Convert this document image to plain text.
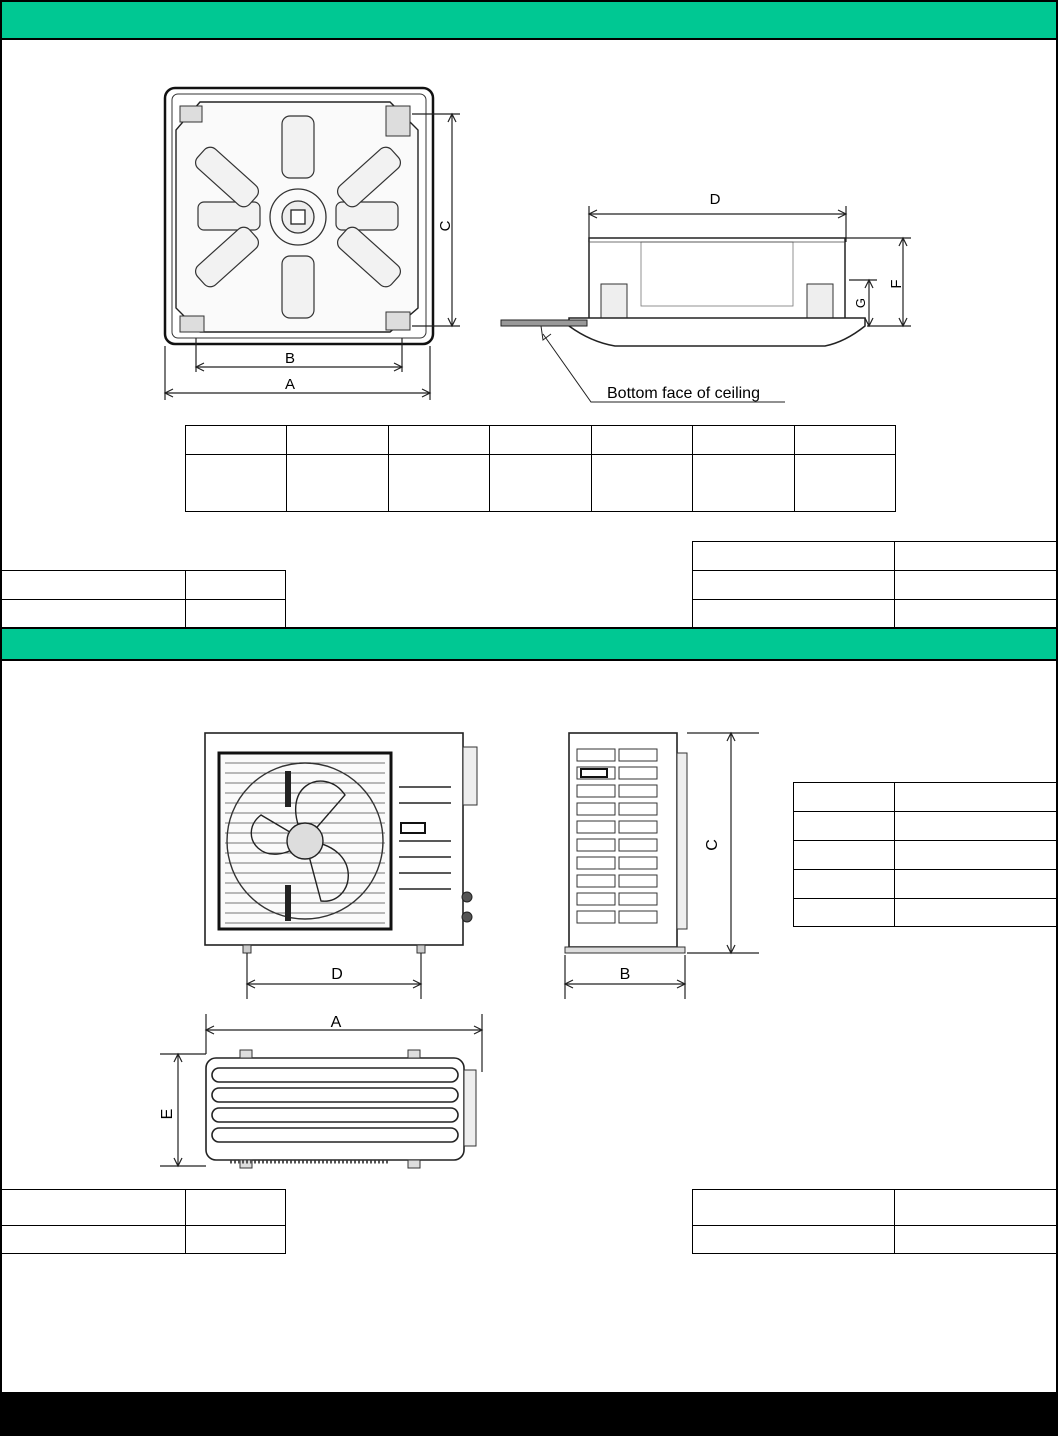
C
B
A
D
F
G
Bottom face of ceiling

D
C
B
A
E
